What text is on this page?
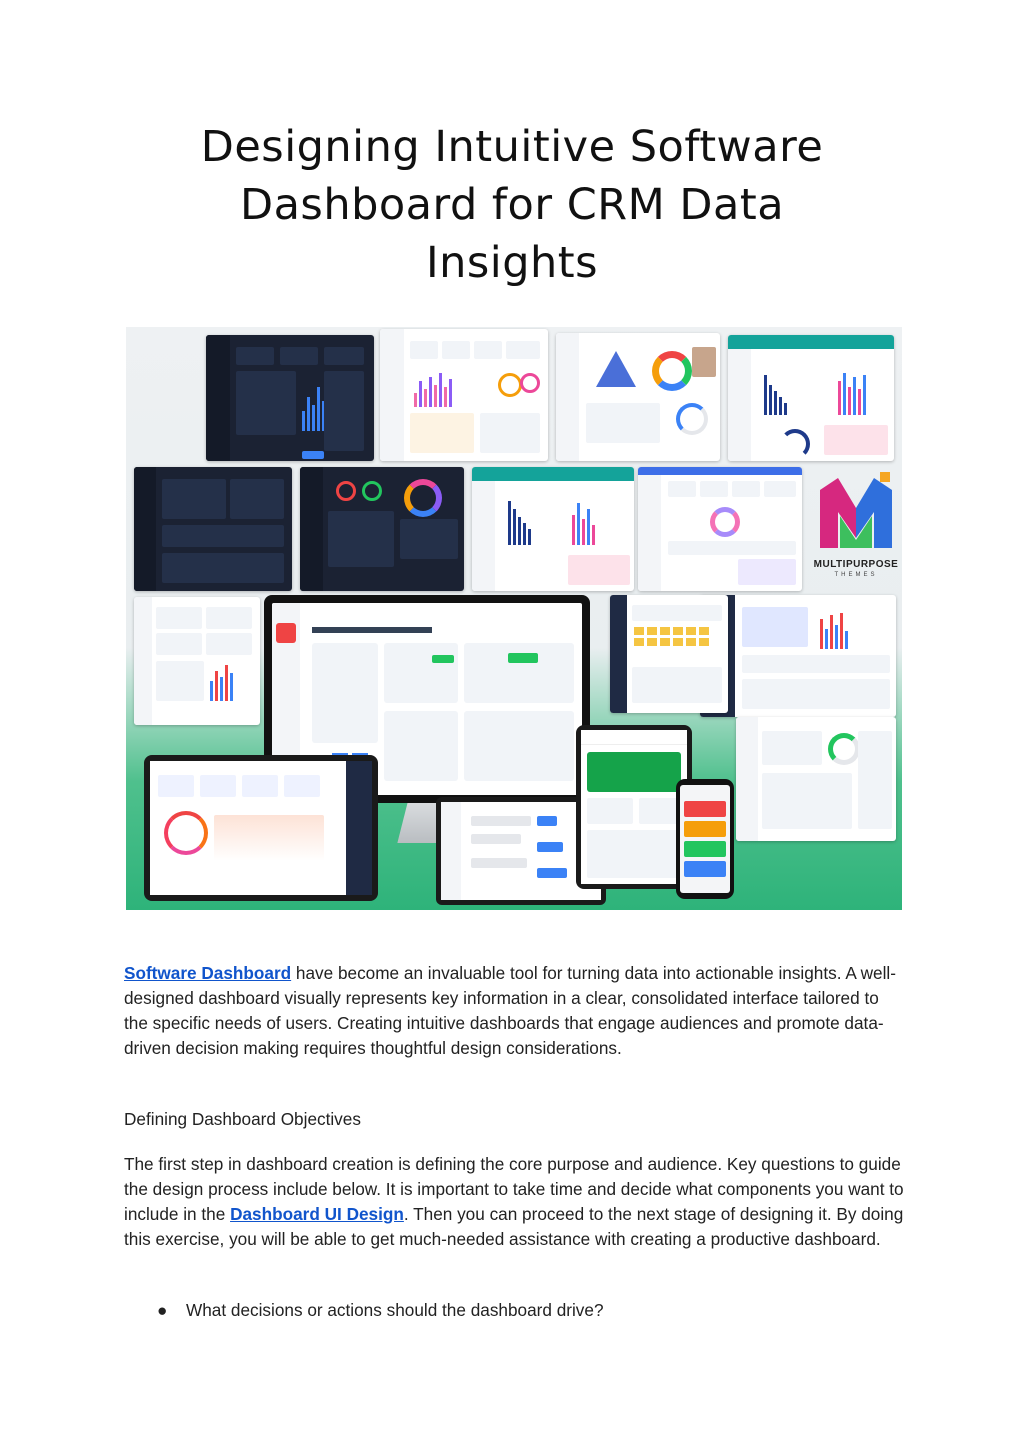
Designing Intuitive Software
Dashboard for CRM Data
Insights
MULTIPURPOSE
THEMES
Software Dashboard have become an invaluable tool for turning data into actionable insights. A well-designed dashboard visually represents key information in a clear, consolidated interface tailored to the specific needs of users. Creating intuitive dashboards that engage audiences and promote data-driven decision making requires thoughtful design considerations.
Defining Dashboard Objectives
The first step in dashboard creation is defining the core purpose and audience. Key questions to guide the design process include below. It is important to take time and decide what components you want to include in the Dashboard UI Design. Then you can proceed to the next stage of designing it. By doing this exercise, you will be able to get much-needed assistance with creating a productive dashboard.
● What decisions or actions should the dashboard drive?
